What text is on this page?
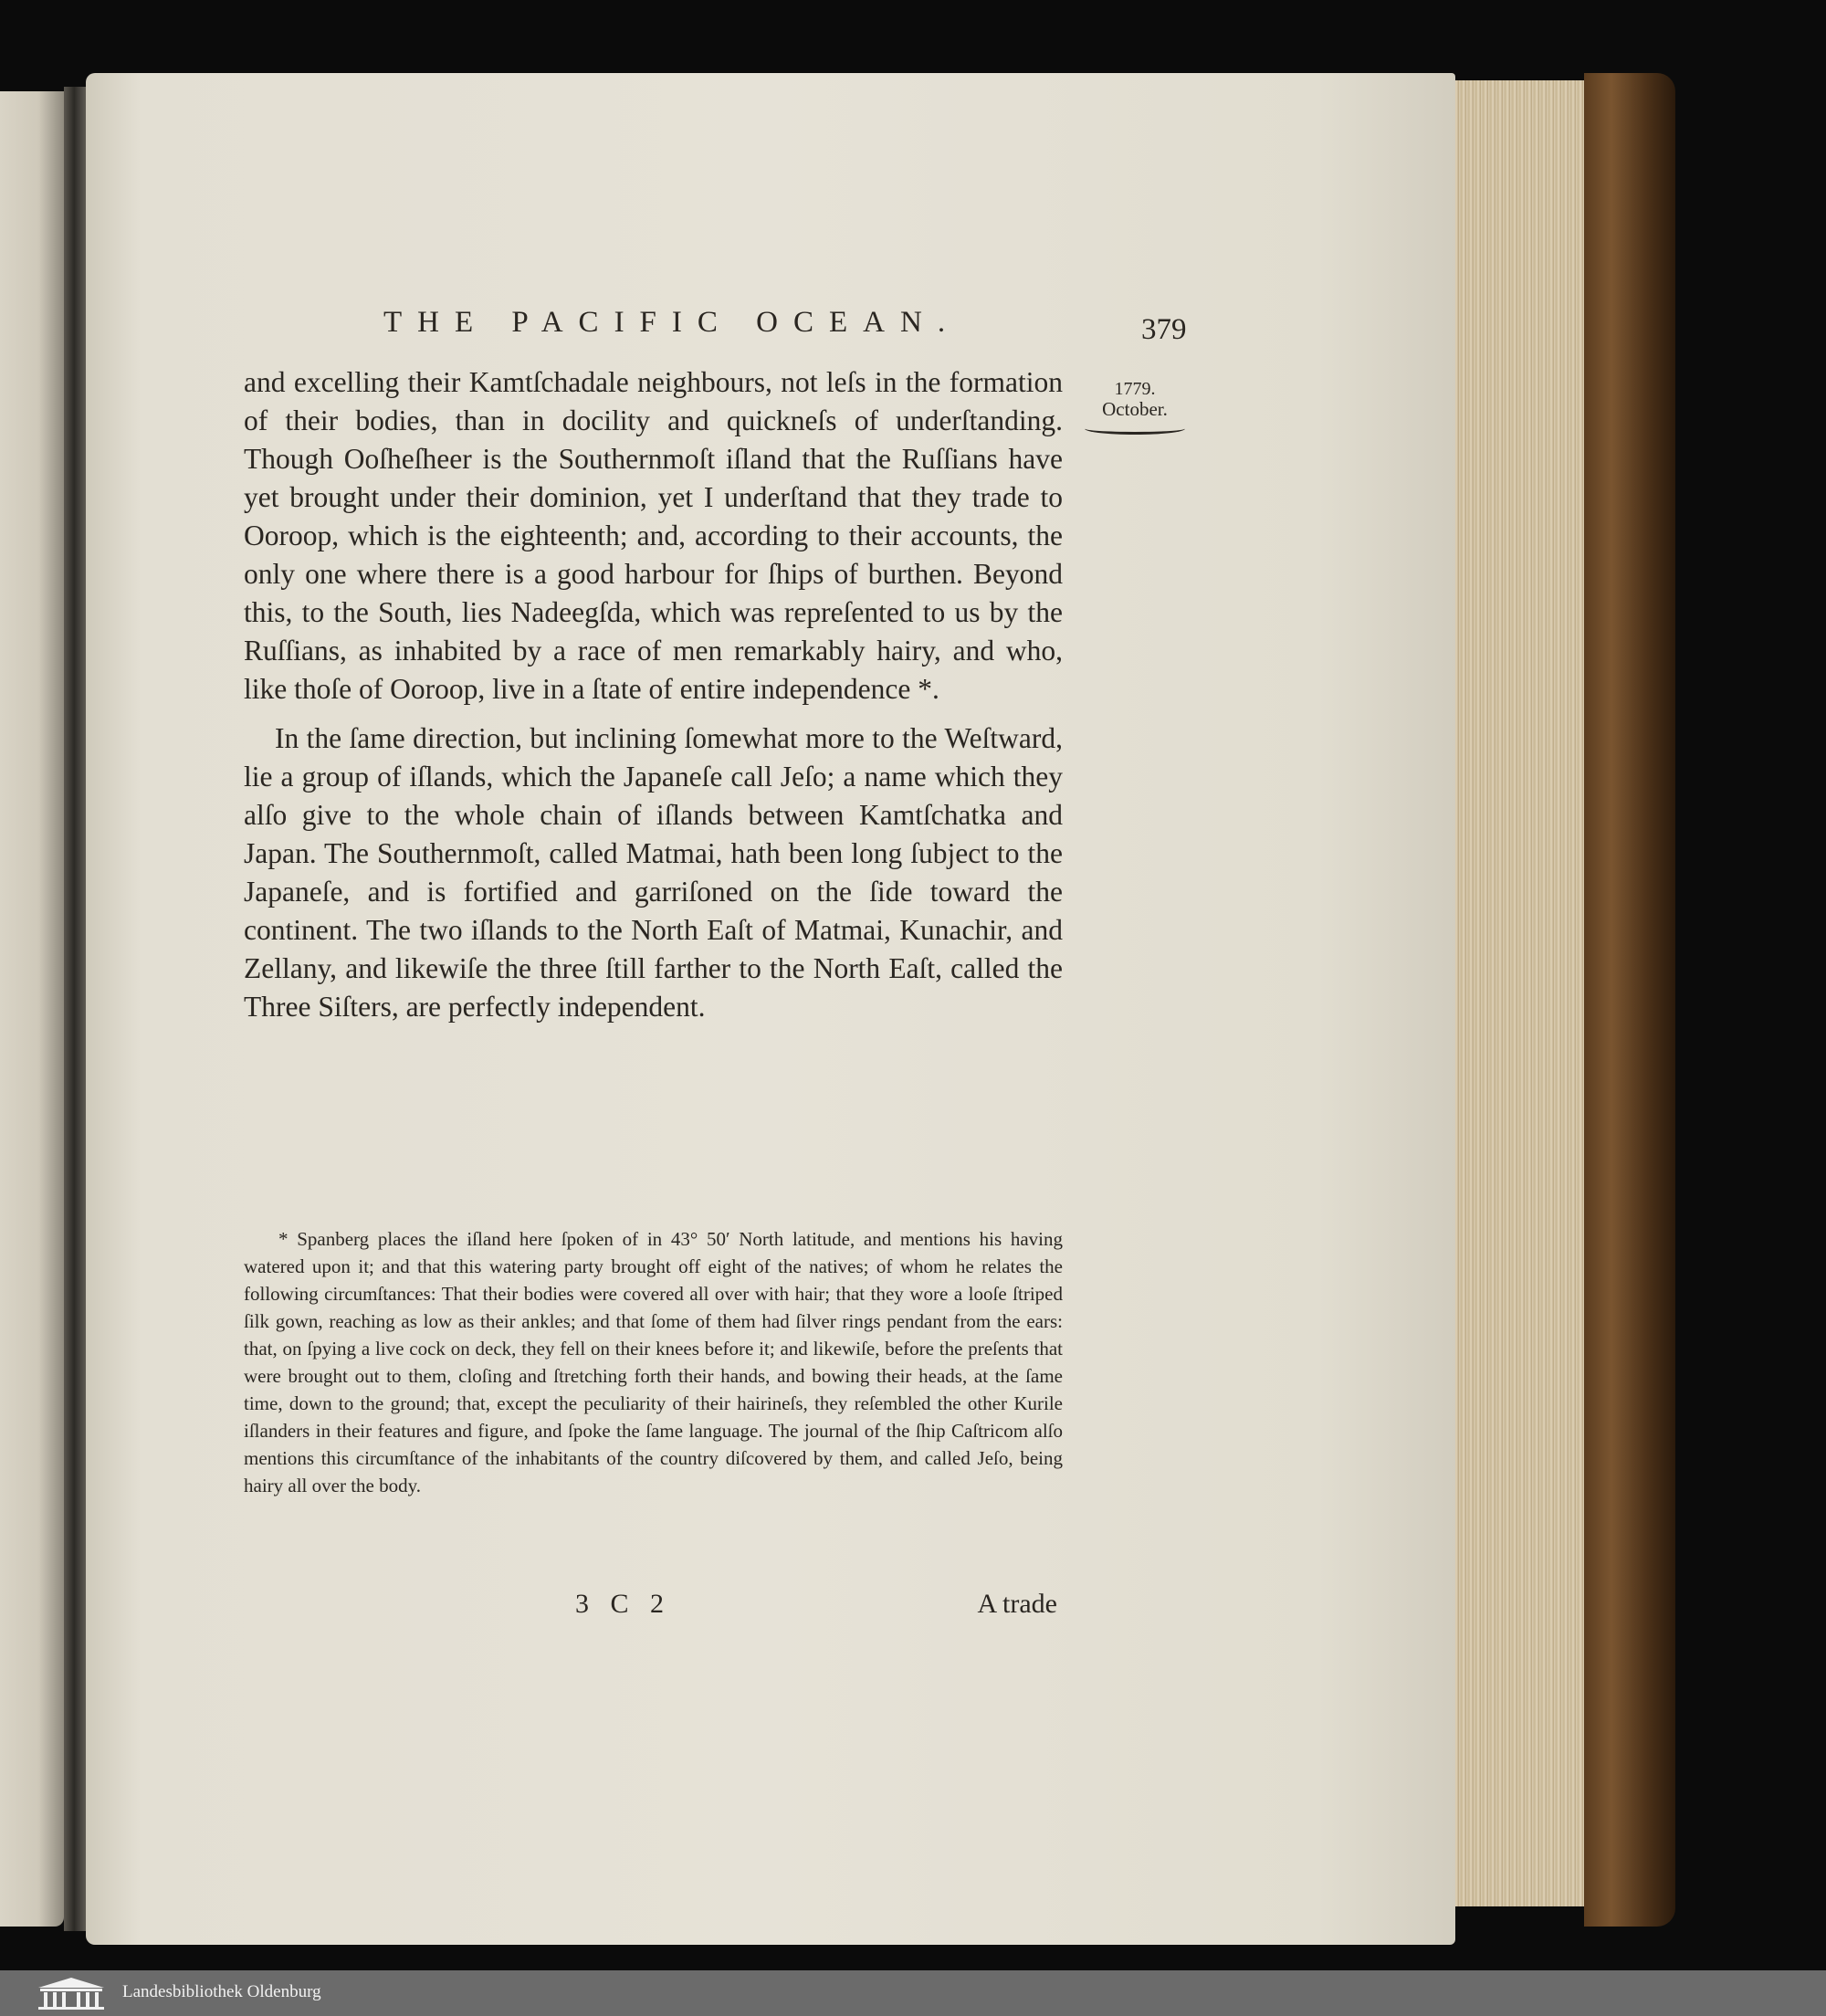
THE PACIFIC OCEAN.	379
1779.
October.

and excelling their Kamtſchadale neighbours, not leſs in the formation of their bodies, than in docility and quickneſs of underſtanding. Though Ooſheſheer is the Southernmoſt iſland that the Ruſſians have yet brought under their dominion, yet I underſtand that they trade to Ooroop, which is the eighteenth; and, according to their accounts, the only one where there is a good harbour for ſhips of burthen. Beyond this, to the South, lies Nadeegſda, which was repreſented to us by the Ruſſians, as inhabited by a race of men remarkably hairy, and who, like thoſe of Ooroop, live in a ſtate of entire independence *.

In the ſame direction, but inclining ſomewhat more to the Weſtward, lie a group of iſlands, which the Japaneſe call Jeſo; a name which they alſo give to the whole chain of iſlands between Kamtſchatka and Japan. The Southernmoſt, called Matmai, hath been long ſubject to the Japaneſe, and is fortified and garriſoned on the ſide toward the continent. The two iſlands to the North Eaſt of Matmai, Kunachir, and Zellany, and likewiſe the three ſtill farther to the North Eaſt, called the Three Siſters, are perfectly independent.

* Spanberg places the iſland here ſpoken of in 43° 50′ North latitude, and mentions his having watered upon it; and that this watering party brought off eight of the natives; of whom he relates the following circumſtances: That their bodies were covered all over with hair; that they wore a looſe ſtriped ſilk gown, reaching as low as their ankles; and that ſome of them had ſilver rings pendant from the ears: that, on ſpying a live cock on deck, they fell on their knees before it; and likewiſe, before the preſents that were brought out to them, cloſing and ſtretching forth their hands, and bowing their heads, at the ſame time, down to the ground; that, except the peculiarity of their hairineſs, they reſembled the other Kurile iſlanders in their features and figure, and ſpoke the ſame language. The journal of the ſhip Caſtricom alſo mentions this circumſtance of the inhabitants of the country diſcovered by them, and called Jeſo, being hairy all over the body.
3 C 2	A trade
Landesbibliothek Oldenburg
